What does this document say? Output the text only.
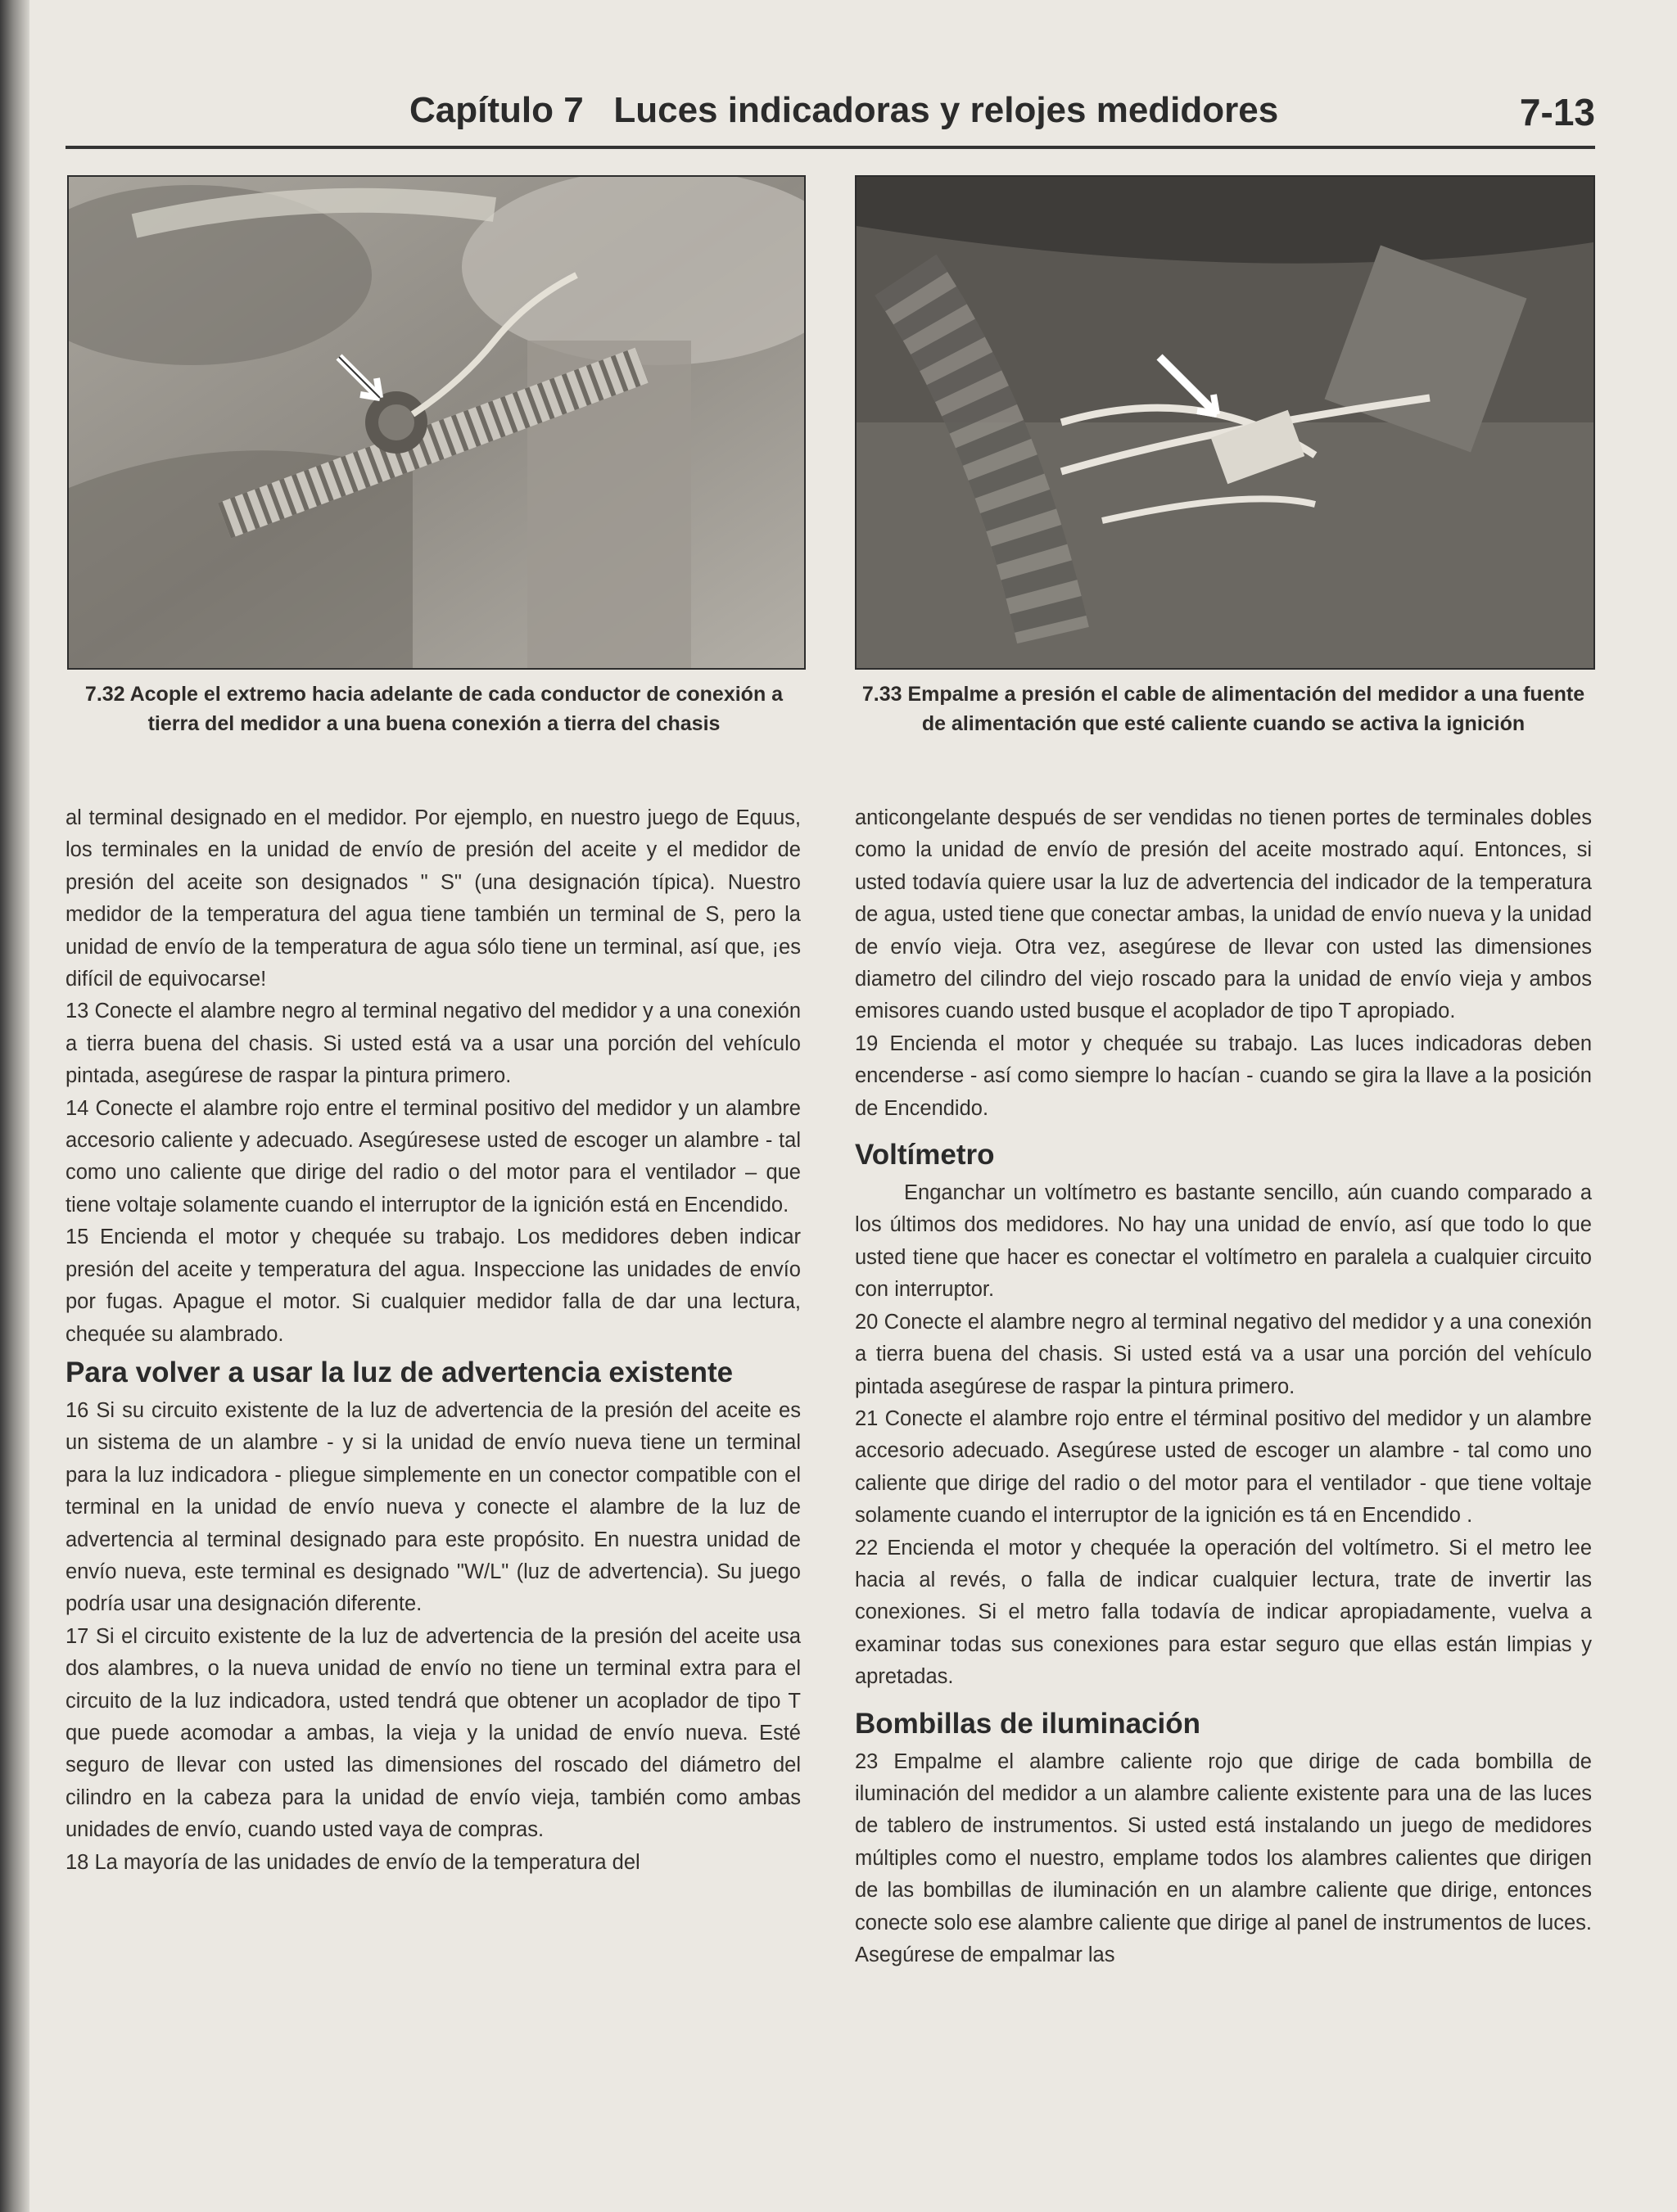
Capítulo 7   Luces indicadoras y relojes medidores	7-13
7.32 Acople el extremo hacia adelante de cada conductor de conexión a tierra del medidor a una buena conexión a tierra del chasis
7.33 Empalme a presión el cable de alimentación del medidor a una fuente de alimentación que esté caliente cuando se activa la ignición

al terminal designado en el medidor. Por ejemplo, en nuestro juego de Equus, los terminales en la unidad de envío de presión del aceite y el medidor de presión del aceite son designados " S" (una designación típica). Nuestro medidor de la temperatura del agua tiene también un terminal de S, pero la unidad de envío de la temperatura de agua sólo tiene un terminal, así que, ¡es difícil de equivocarse!

13 Conecte el alambre negro al terminal negativo del medidor y a una conexión a tierra buena del chasis. Si usted está va a usar una porción del vehículo pintada, asegúrese de raspar la pintura primero.

14 Conecte el alambre rojo entre el terminal positivo del medidor y un alambre accesorio caliente y adecuado. Asegúresese usted de escoger un alambre - tal como uno caliente que dirige del radio o del motor para el ventilador – que tiene voltaje solamente cuando el interruptor de la ignición está en Encendido.

15 Encienda el motor y chequée su trabajo. Los medidores deben indicar presión del aceite y temperatura del agua. Inspeccione las unidades de envío por fugas. Apague el motor. Si cualquier medidor falla de dar una lectura, chequée su alambrado.

Para volver a usar la luz de advertencia existente

16 Si su circuito existente de la luz de advertencia de la presión del aceite es un sistema de un alambre - y si la unidad de envío nueva tiene un terminal para la luz indicadora - pliegue simplemente en un conector compatible con el terminal en la unidad de envío nueva y conecte el alambre de la luz de advertencia al terminal designado para este propósito. En nuestra unidad de envío nueva, este terminal es designado "W/L" (luz de advertencia). Su juego podría usar una designación diferente.

17 Si el circuito existente de la luz de advertencia de la presión del aceite usa dos alambres, o la nueva unidad de envío no tiene un terminal extra para el circuito de la luz indicadora, usted tendrá que obtener un acoplador de tipo T que puede acomodar a ambas, la vieja y la unidad de envío nueva. Esté seguro de llevar con usted las dimensiones del roscado del diámetro del cilindro en la cabeza para la unidad de envío vieja, también como ambas unidades de envío, cuando usted vaya de compras.

18 La mayoría de las unidades de envío de la temperatura del

anticongelante después de ser vendidas no tienen portes de terminales dobles como la unidad de envío de presión del aceite mostrado aquí. Entonces, si usted todavía quiere usar la luz de advertencia del indicador de la temperatura de agua, usted tiene que conectar ambas, la unidad de envío nueva y la unidad de envío vieja. Otra vez, asegúrese de llevar con usted las dimensiones diametro del cilindro del viejo roscado para la unidad de envío vieja y ambos emisores cuando usted busque el acoplador de tipo T apropiado.

19 Encienda el motor y chequée su trabajo. Las luces indicadoras deben encenderse - así como siempre lo hacían - cuando se gira la llave a la posición de Encendido.

Voltímetro

Enganchar un voltímetro es bastante sencillo, aún cuando comparado a los últimos dos medidores. No hay una unidad de envío, así que todo lo que usted tiene que hacer es conectar el voltímetro en paralela a cualquier circuito con interruptor.

20 Conecte el alambre negro al terminal negativo del medidor y a una conexión a tierra buena del chasis. Si usted está va a usar una porción del vehículo pintada asegúrese de raspar la pintura primero.

21 Conecte el alambre rojo entre el términal positivo del medidor y un alambre accesorio adecuado. Asegúrese usted de escoger un alambre - tal como uno caliente que dirige del radio o del motor para el ventilador - que tiene voltaje solamente cuando el interruptor de la ignición es tá en Encendido .

22 Encienda el motor y chequée la operación del voltímetro. Si el metro lee hacia al revés, o falla de indicar cualquier lectura, trate de invertir las conexiones. Si el metro falla todavía de indicar apropiadamente, vuelva a examinar todas sus conexiones para estar seguro que ellas están limpias y apretadas.

Bombillas de iluminación

23 Empalme el alambre caliente rojo que dirige de cada bombilla de iluminación del medidor a un alambre caliente existente para una de las luces de tablero de instrumentos. Si usted está instalando un juego de medidores múltiples como el nuestro, emplame todos los alambres calientes que dirigen de las bombillas de iluminación en un alambre caliente que dirige, entonces conecte solo ese alambre caliente que dirige al panel de instrumentos de luces. Asegúrese de empalmar las
